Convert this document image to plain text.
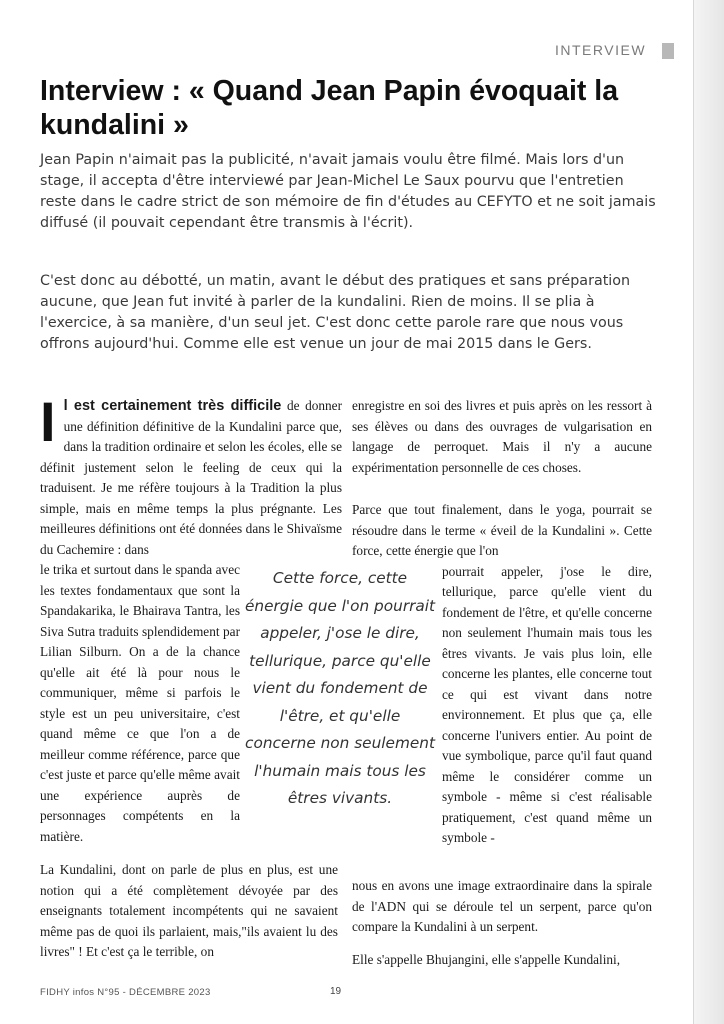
INTERVIEW
Interview : « Quand Jean Papin évoquait la kundalini »

Jean Papin n'aimait pas la publicité, n'avait jamais voulu être filmé. Mais lors d'un stage, il accepta d'être interviewé par Jean-Michel Le Saux pourvu que l'entretien reste dans le cadre strict de son mémoire de fin d'études au CEFYTO et ne soit jamais diffusé (il pouvait cependant être transmis à l'écrit).

C'est donc au débotté, un matin, avant le début des pratiques et sans préparation aucune, que Jean fut invité à parler de la kundalini. Rien de moins. Il se plia à l'exercice, à sa manière, d'un seul jet. C'est donc cette parole rare que nous vous offrons aujourd'hui. Comme elle est venue un jour de mai 2015 dans le Gers.

I l est certainement très difficile de donner une définition définitive de la Kundalini parce que, dans la tradition ordinaire et selon les écoles, elle se définit justement selon le feeling de ceux qui la traduisent. Je me réfère toujours à la Tradition la plus simple, mais en même temps la plus prégnante. Les meilleures définitions ont été données dans le Shivaïsme du Cachemire : dans

le trika et surtout dans le spanda avec les textes fondamentaux que sont la Spandakarika, le Bhairava Tantra, les Siva Sutra traduits splendidement par Lilian Silburn. On a de la chance qu'elle ait été là pour nous le communiquer, même si parfois le style est un peu universitaire, c'est quand même ce que l'on a de meilleur comme référence, parce que c'est juste et parce qu'elle même avait une expérience auprès de personnages compétents en la matière.

Cette force, cette énergie que l'on pourrait appeler, j'ose le dire, tellurique, parce qu'elle vient du fondement de l'être, et qu'elle concerne non seulement l'humain mais tous les êtres vivants.

enregistre en soi des livres et puis après on les ressort à ses élèves ou dans des ouvrages de vulgarisation en langage de perroquet. Mais il n'y a aucune expérimentation personnelle de ces choses.

Parce que tout finalement, dans le yoga, pourrait se résoudre dans le terme « éveil de la Kundalini ». Cette force, cette énergie que l'on

pourrait appeler, j'ose le dire, tellurique, parce qu'elle vient du fondement de l'être, et qu'elle concerne non seulement l'humain mais tous les êtres vivants. Je vais plus loin, elle concerne les plantes, elle concerne tout ce qui est vivant dans notre environnement. Et plus que ça, elle concerne l'univers entier. Au point de vue symbolique, parce qu'il faut quand même le considérer comme un symbole - même si c'est réalisable pratiquement, c'est quand même un symbole -

La Kundalini, dont on parle de plus en plus, est une notion qui a été complètement dévoyée par des enseignants totalement incompétents qui ne savaient même pas de quoi ils parlaient, mais,"ils avaient lu des livres" ! Et c'est ça le terrible, on

nous en avons une image extraordinaire dans la spirale de l'ADN qui se déroule tel un serpent, parce qu'on compare la Kundalini à un serpent.

Elle s'appelle Bhujangini, elle s'appelle Kundalini,

FIDHY infos N°95 - DÉCEMBRE 2023	19
